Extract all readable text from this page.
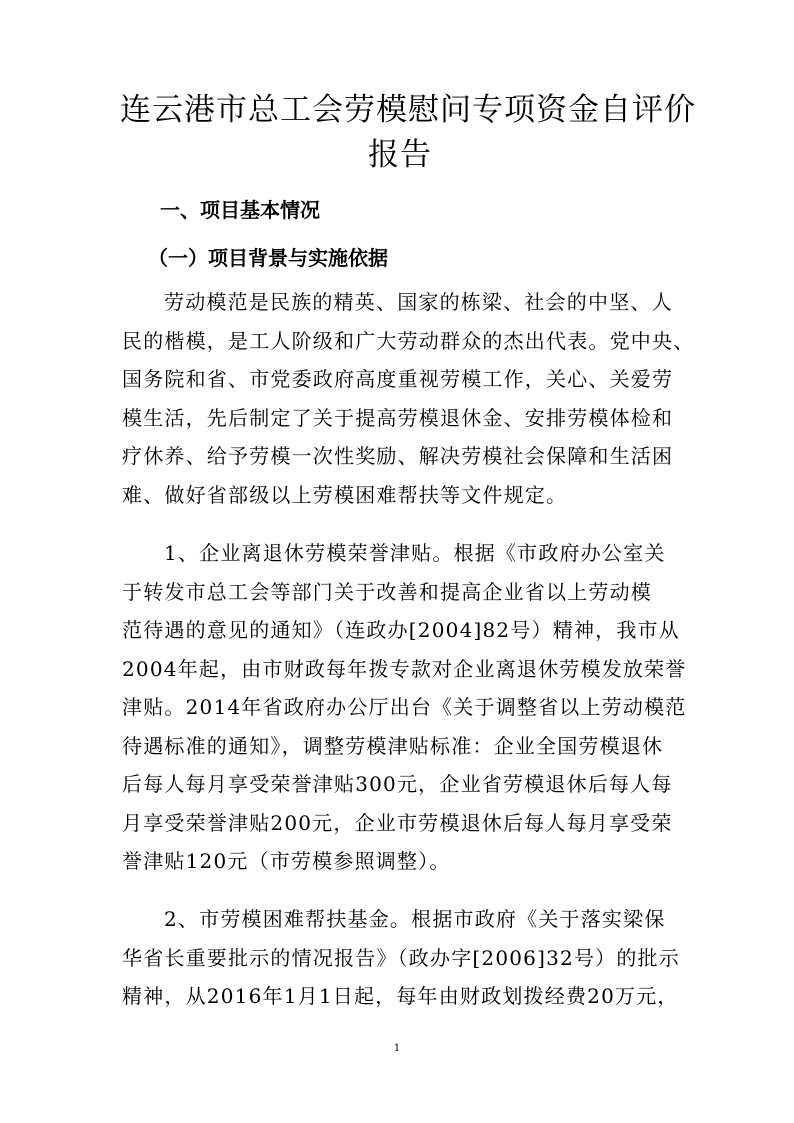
连云港市总工会劳模慰问专项资金自评价
报告
一、项目基本情况
（一）项目背景与实施依据

劳动模范是民族的精英、国家的栋梁、社会的中坚、人
民的楷模，是工人阶级和广大劳动群众的杰出代表。党中央、
国务院和省、市党委政府高度重视劳模工作，关心、关爱劳
模生活，先后制定了关于提高劳模退休金、安排劳模体检和
疗休养、给予劳模一次性奖励、解决劳模社会保障和生活困
难、做好省部级以上劳模困难帮扶等文件规定。

1、企业离退休劳模荣誉津贴。根据《市政府办公室关
于转发市总工会等部门关于改善和提高企业省以上劳动模
范待遇的意见的通知》（连政办[2004]82号）精神，我市从
2004年起，由市财政每年拨专款对企业离退休劳模发放荣誉
津贴。2014年省政府办公厅出台《关于调整省以上劳动模范
待遇标准的通知》，调整劳模津贴标准：企业全国劳模退休
后每人每月享受荣誉津贴300元，企业省劳模退休后每人每
月享受荣誉津贴200元，企业市劳模退休后每人每月享受荣
誉津贴120元（市劳模参照调整）。

2、市劳模困难帮扶基金。根据市政府《关于落实梁保
华省长重要批示的情况报告》（政办字[2006]32号）的批示
精神，从2016年1月1日起，每年由财政划拨经费20万元，

1
